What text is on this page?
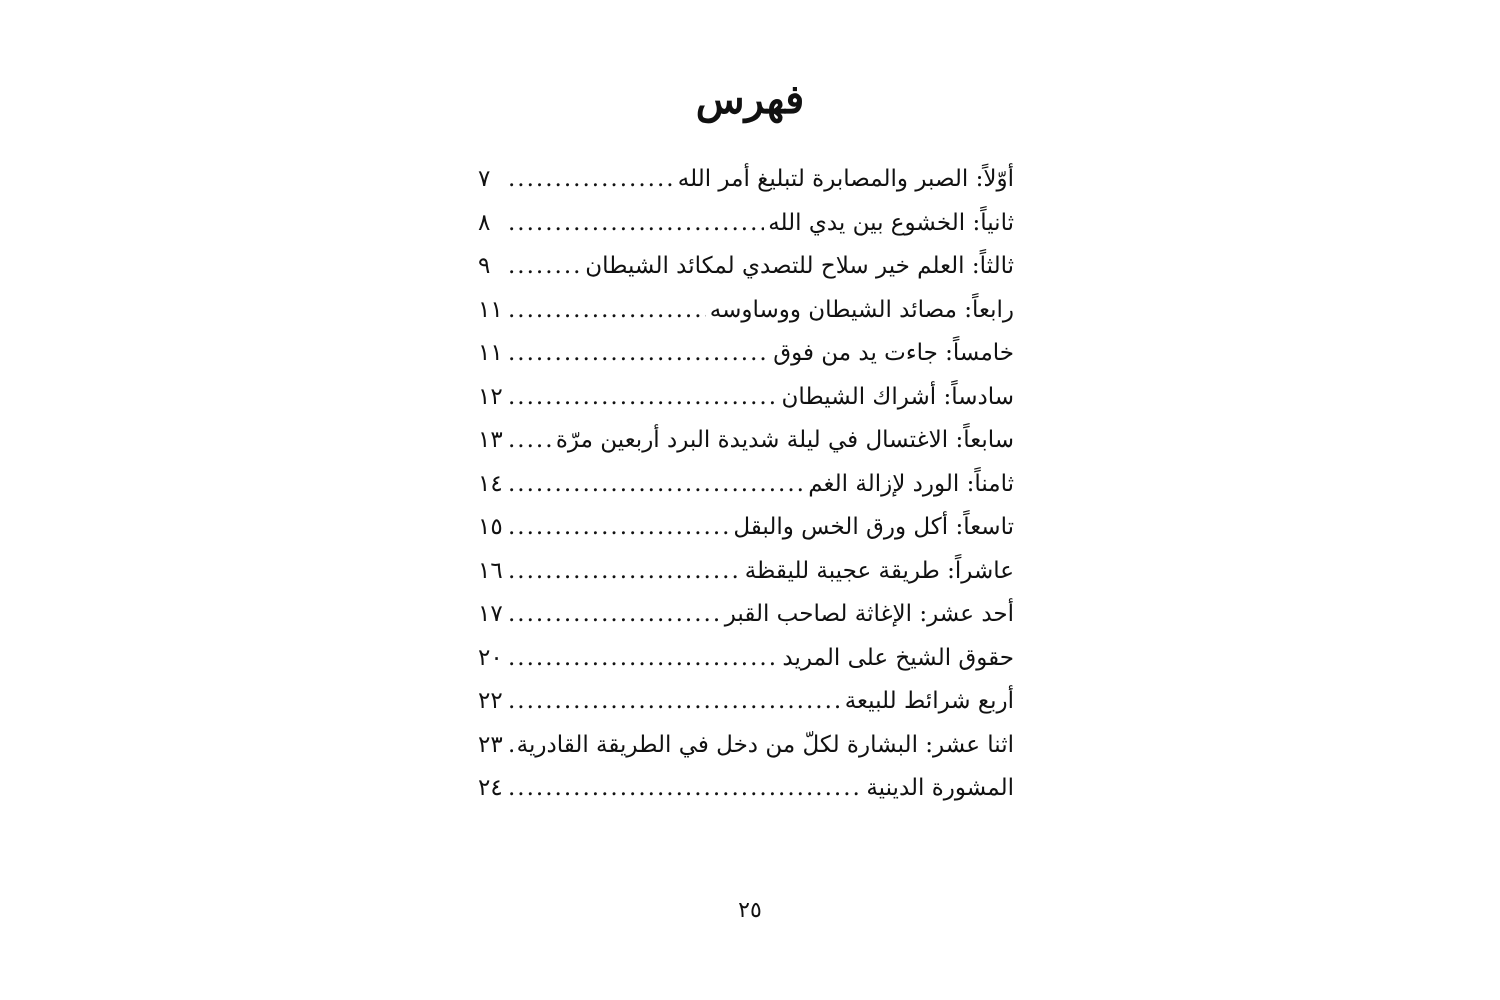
فهرس
أوّلاً: الصبر والمصابرة لتبليغ أمر الله
.....
٧
ثانياً: الخشوع بين يدي الله
.....
٨
ثالثاً: العلم خير سلاح للتصدي لمكائد الشيطان
.....
٩
رابعاً: مصائد الشيطان ووساوسه
.....
١١
خامساً: جاءت يد من فوق
.....
١١
سادساً: أشراك الشيطان
.....
١٢
سابعاً: الاغتسال في ليلة شديدة البرد أربعين مرّة
.....
١٣
ثامناً: الورد لإزالة الغم
.....
١٤
تاسعاً: أكل ورق الخس والبقل
.....
١٥
عاشراً: طريقة عجيبة لليقظة
.....
١٦
أحد عشر: الإغاثة لصاحب القبر
.....
١٧
حقوق الشيخ على المريد
.....
٢٠
أربع شرائط للبيعة
.....
٢٢
اثنا عشر: البشارة لكلّ من دخل في الطريقة القادرية
.....
٢٣
المشورة الدينية
.....
٢٤
٢٥
